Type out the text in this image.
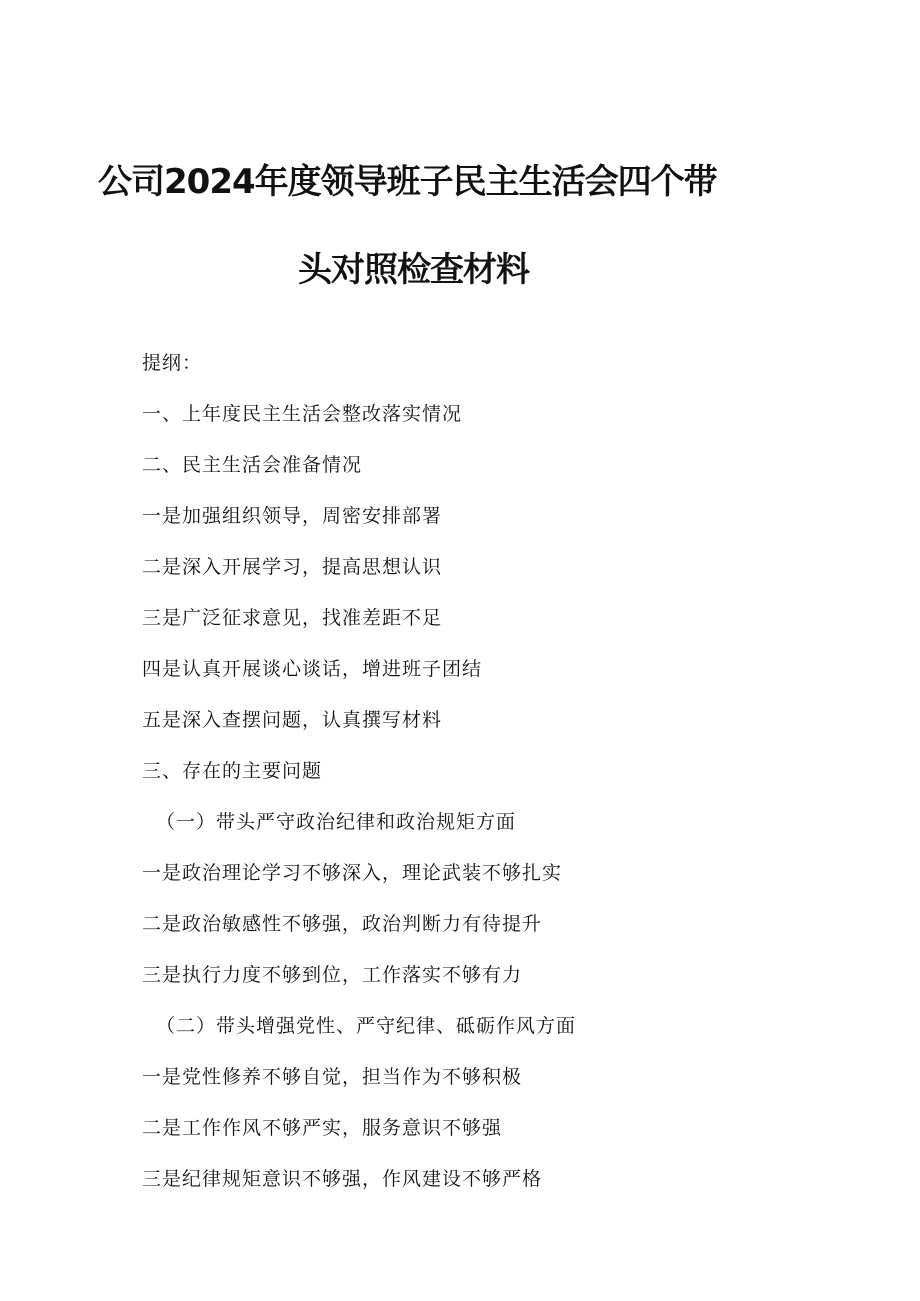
公司2024年度领导班子民主生活会四个带
头对照检查材料
提纲：
一、上年度民主生活会整改落实情况
二、民主生活会准备情况
一是加强组织领导，周密安排部署
二是深入开展学习，提高思想认识
三是广泛征求意见，找准差距不足
四是认真开展谈心谈话，增进班子团结
五是深入查摆问题，认真撰写材料
三、存在的主要问题
（一）带头严守政治纪律和政治规矩方面
一是政治理论学习不够深入，理论武装不够扎实
二是政治敏感性不够强，政治判断力有待提升
三是执行力度不够到位，工作落实不够有力
（二）带头增强党性、严守纪律、砥砺作风方面
一是党性修养不够自觉，担当作为不够积极
二是工作作风不够严实，服务意识不够强
三是纪律规矩意识不够强，作风建设不够严格
